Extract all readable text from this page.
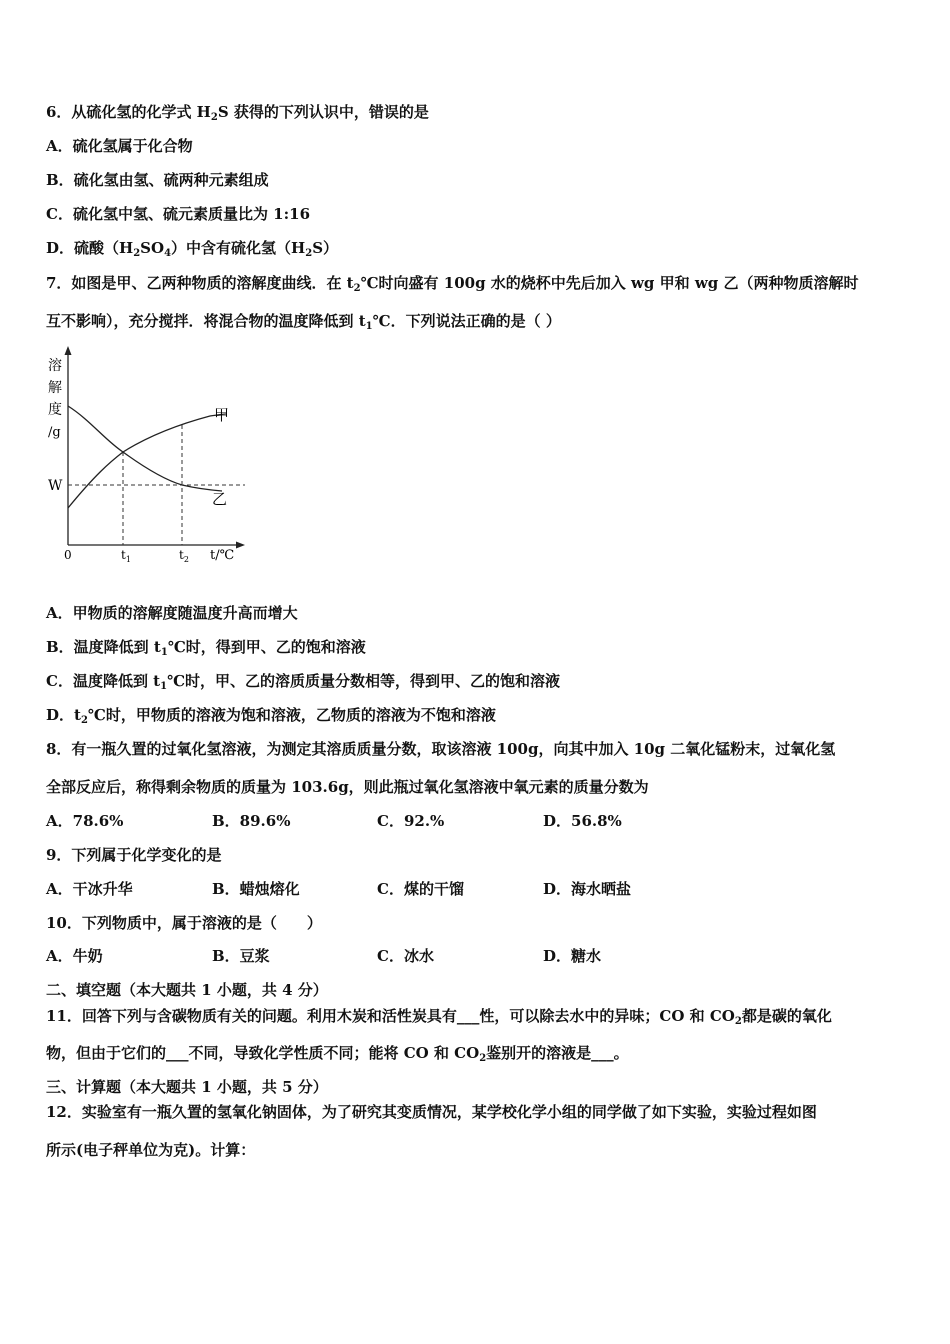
6．从硫化氢的化学式 $H_2S$ 获得的下列认识中，错误的是
A．硫化氢属于化合物
B．硫化氢由氢、硫两种元素组成
C．硫化氢中氢、硫元素质量比为 1:16
D．硫酸$(H_2SO_4)$中含有硫化氢$(H_2S)$
7．如图是甲、乙两种物质的溶解度曲线．在 $t_2℃$时向盛有 100g 水的烧杯中先后加入 wg 甲和 wg 乙（两种物质溶解时
互不影响），充分搅拌．将混合物的温度降低到 $t_1℃$．下列说法正确的是（ ）
溶
解
度
/g
W
甲
乙
0	$t_1$	$t_2$ t/℃
A．甲物质的溶解度随温度升高而增大
B．温度降低到 $t_1℃$时，得到甲、乙的饱和溶液
C．温度降低到 $t_1℃$时，甲、乙的溶质质量分数相等，得到甲、乙的饱和溶液
D．$t_2℃$时，甲物质的溶液为饱和溶液，乙物质的溶液为不饱和溶液
8．有一瓶久置的过氧化氢溶液，为测定其溶质质量分数，取该溶液 100g，向其中加入 10g 二氧化锰粉末，过氧化氢
全部反应后，称得剩余物质的质量为 103.6g，则此瓶过氧化氢溶液中氧元素的质量分数为
A．78.6%	B．89.6%	C．92.%	D．56.8%
9．下列属于化学变化的是
A．干冰升华	B．蜡烛熔化	C．煤的干馏	D．海水晒盐
10．下列物质中，属于溶液的是（　　）
A．牛奶	B．豆浆	C．冰水	D．糖水
二、填空题（本大题共 1 小题，共 4 分）
11．回答下列与含碳物质有关的问题。利用木炭和活性炭具有___性，可以除去水中的异味；CO 和 $CO_2$都是碳的氧化
物，但由于它们的___不同，导致化学性质不同；能将 CO 和 $CO_2$鉴别开的溶液是___。
三、计算题（本大题共 1 小题，共 5 分）
12．实验室有一瓶久置的氢氧化钠固体，为了研究其变质情况，某学校化学小组的同学做了如下实验，实验过程如图
所示(电子秤单位为克)。计算：
